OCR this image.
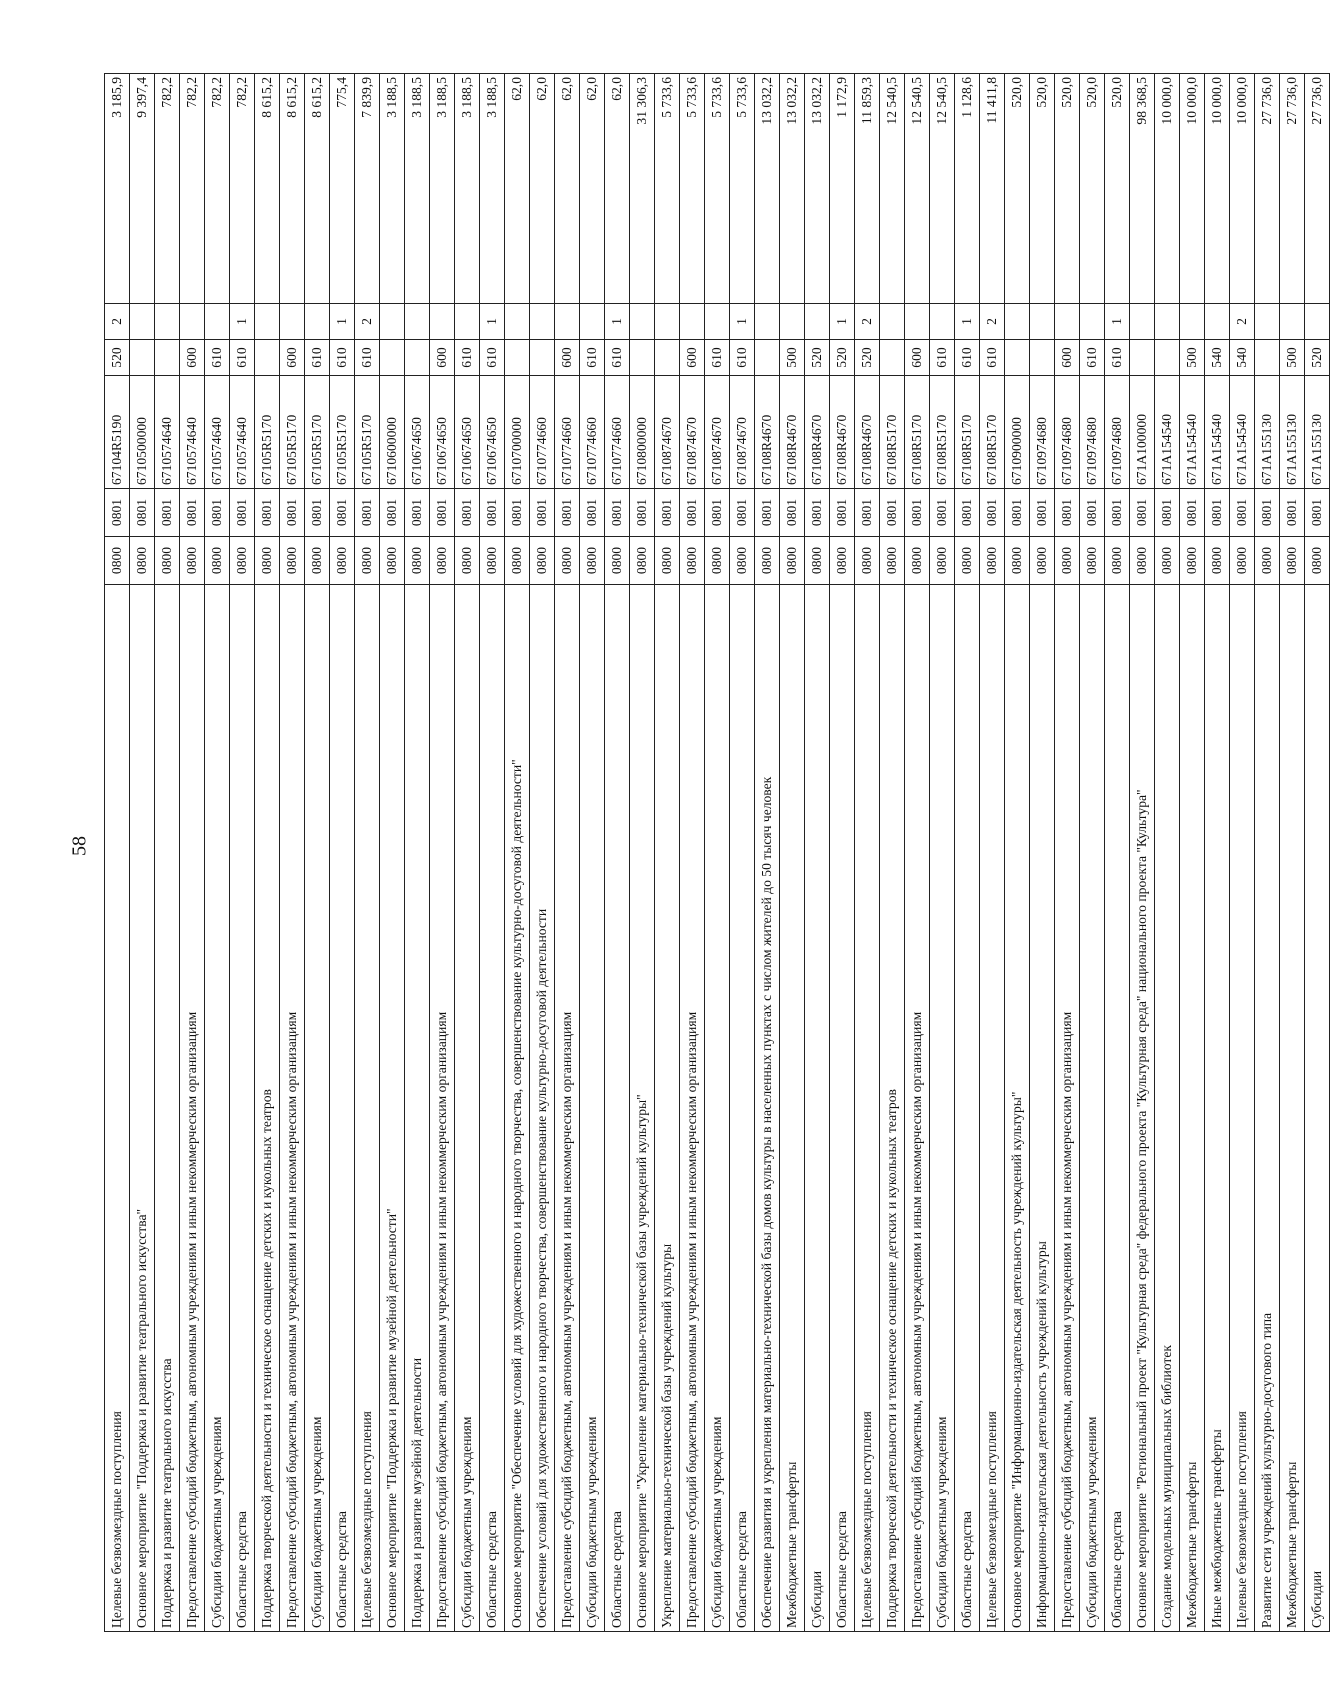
58
Целевые безвозмездные поступления	0800	0801	67104R5190	520	2	3 185,9
Основное мероприятие "Поддержка и развитие театрального искусства"	0800	0801	6710500000			9 397,4
Поддержка и развитие театрального искусства	0800	0801	6710574640			782,2
Предоставление субсидий бюджетным, автономным учреждениям и иным некоммерческим организациям	0800	0801	6710574640	600		782,2
Субсидии бюджетным учреждениям	0800	0801	6710574640	610		782,2
Областные средства	0800	0801	6710574640	610	1	782,2
Поддержка творческой деятельности и техническое оснащение детских и кукольных театров	0800	0801	67105R5170			8 615,2
Предоставление субсидий бюджетным, автономным учреждениям и иным некоммерческим организациям	0800	0801	67105R5170	600		8 615,2
Субсидии бюджетным учреждениям	0800	0801	67105R5170	610		8 615,2
Областные средства	0800	0801	67105R5170	610	1	775,4
Целевые безвозмездные поступления	0800	0801	67105R5170	610	2	7 839,9
Основное мероприятие "Поддержка и развитие музейной деятельности"	0800	0801	6710600000			3 188,5
Поддержка и развитие музейной деятельности	0800	0801	6710674650			3 188,5
Предоставление субсидий бюджетным, автономным учреждениям и иным некоммерческим организациям	0800	0801	6710674650	600		3 188,5
Субсидии бюджетным учреждениям	0800	0801	6710674650	610		3 188,5
Областные средства	0800	0801	6710674650	610	1	3 188,5
Основное мероприятие "Обеспечение условий для художественного и народного творчества, совершенствование культурно-досуговой деятельности"	0800	0801	6710700000			62,0
Обеспечение условий для художественного и народного творчества, совершенствование культурно-досуговой деятельности	0800	0801	6710774660			62,0
Предоставление субсидий бюджетным, автономным учреждениям и иным некоммерческим организациям	0800	0801	6710774660	600		62,0
Субсидии бюджетным учреждениям	0800	0801	6710774660	610		62,0
Областные средства	0800	0801	6710774660	610	1	62,0
Основное мероприятие "Укрепление материально-технической базы учреждений культуры"	0800	0801	6710800000			31 306,3
Укрепление материально-технической базы учреждений культуры	0800	0801	6710874670			5 733,6
Предоставление субсидий бюджетным, автономным учреждениям и иным некоммерческим организациям	0800	0801	6710874670	600		5 733,6
Субсидии бюджетным учреждениям	0800	0801	6710874670	610		5 733,6
Областные средства	0800	0801	6710874670	610	1	5 733,6
Обеспечение развития и укрепления материально-технической базы домов культуры в населенных пунктах с числом жителей до 50 тысяч человек	0800	0801	67108R4670			13 032,2
Межбюджетные трансферты	0800	0801	67108R4670	500		13 032,2
Субсидии	0800	0801	67108R4670	520		13 032,2
Областные средства	0800	0801	67108R4670	520	1	1 172,9
Целевые безвозмездные поступления	0800	0801	67108R4670	520	2	11 859,3
Поддержка творческой деятельности и техническое оснащение детских и кукольных театров	0800	0801	67108R5170			12 540,5
Предоставление субсидий бюджетным, автономным учреждениям и иным некоммерческим организациям	0800	0801	67108R5170	600		12 540,5
Субсидии бюджетным учреждениям	0800	0801	67108R5170	610		12 540,5
Областные средства	0800	0801	67108R5170	610	1	1 128,6
Целевые безвозмездные поступления	0800	0801	67108R5170	610	2	11 411,8
Основное мероприятие "Информационно-издательская деятельность учреждений культуры"	0800	0801	6710900000			520,0
Информационно-издательская деятельность учреждений культуры	0800	0801	6710974680			520,0
Предоставление субсидий бюджетным, автономным учреждениям и иным некоммерческим организациям	0800	0801	6710974680	600		520,0
Субсидии бюджетным учреждениям	0800	0801	6710974680	610		520,0
Областные средства	0800	0801	6710974680	610	1	520,0
Основное мероприятие "Региональный проект "Культурная среда" федерального проекта "Культурная среда" национального проекта "Культура"	0800	0801	671A100000			98 368,5
Создание модельных муниципальных библиотек	0800	0801	671A154540			10 000,0
Межбюджетные трансферты	0800	0801	671A154540	500		10 000,0
Иные межбюджетные трансферты	0800	0801	671A154540	540		10 000,0
Целевые безвозмездные поступления	0800	0801	671A154540	540	2	10 000,0
Развитие сети учреждений культурно-досугового типа	0800	0801	671A155130			27 736,0
Межбюджетные трансферты	0800	0801	671A155130	500		27 736,0
Субсидии	0800	0801	671A155130	520		27 736,0
